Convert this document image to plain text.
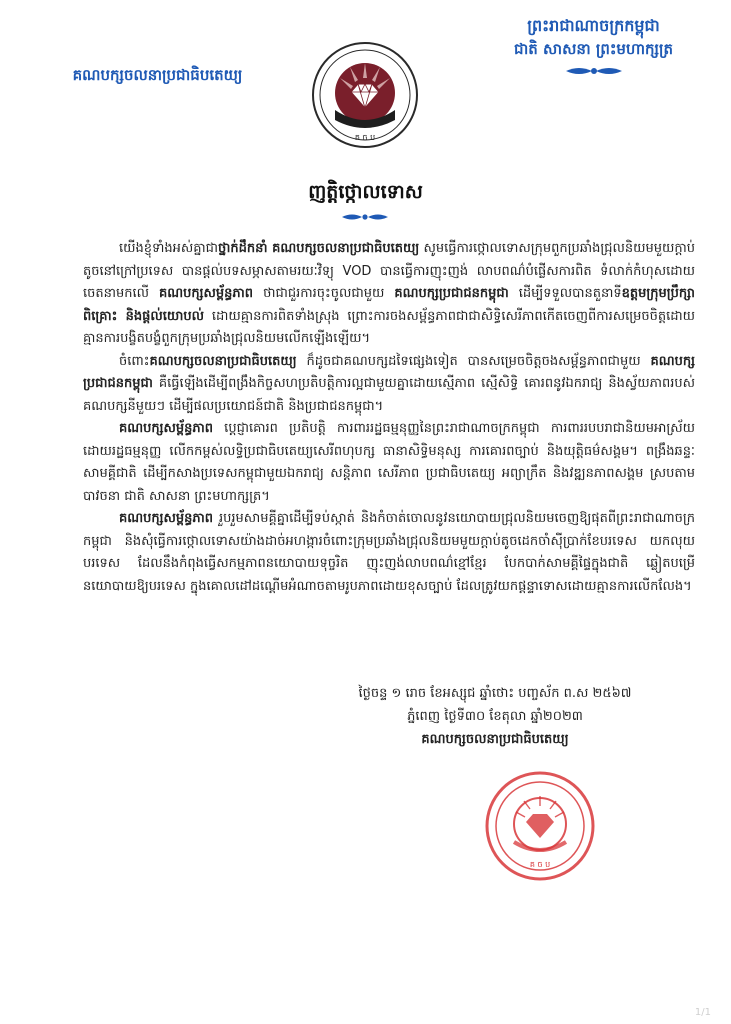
គណបក្សចលនាប្រជាធិបតេយ្យ
ព្រះរាជាណាចក្រកម្ពុជា
ជាតិ សាសនា ព្រះមហាក្សត្រ
គ ច ប
ញត្តិថ្កោលទោស

យើងខ្ញុំទាំងអស់គ្នាជាថ្នាក់ដឹកនាំ គណបក្សចលនាប្រជាធិបតេយ្យ សូមធ្វើការថ្កោលទោសក្រុមពួកប្រឆាំងជ្រុលនិយមមួយក្តាប់តូចនៅក្រៅប្រទេស បានផ្តល់បទសម្ភាសតាមរយៈវិទ្យុ VOD បានធ្វើការញុះញង់ លាបពណ៌បំផ្លើសការពិត ទំលាក់កំហុសដោយចេតនាមកលើ គណបក្សសម្ព័ន្ធភាព ថាជាជួរការចុះចូលជាមួយ គណបក្សប្រជាជនកម្ពុជា ដើម្បីទទួលបានតួនាទីឧត្តមក្រុមប្រឹក្សាពិគ្រោះ និងផ្តល់យោបល់ ដោយគ្មានការពិតទាំងស្រុង ព្រោះការចងសម្ព័ន្ធភាពជាជាសិទ្ធិសេរីភាពកើតចេញពីការសម្រេចចិត្តដោយគ្មានការបង្ខិតបង្ខំពួកក្រុមប្រឆាំងជ្រុលនិយមលើកឡើងឡើយ។

ចំពោះគណបក្សចលនាប្រជាធិបតេយ្យ ក៏ដូចជាគណបក្សដទៃផ្សេងទៀត បានសម្រេចចិត្តចងសម្ព័ន្ធភាពជាមួយ គណបក្សប្រជាជនកម្ពុជា គឺធ្វើឡើងដើម្បីពង្រឹងកិច្ចសហប្រតិបត្តិការល្អជាមួយគ្នាដោយស្មើភាព ស្មើសិទ្ធិ គោរពនូវឯករាជ្យ និងស្វ័យភាពរបស់គណបក្សនីមួយៗ ដើម្បីផលប្រយោជន៍ជាតិ និងប្រជាជនកម្ពុជា។

គណបក្សសម្ព័ន្ធភាព ប្តេជ្ញាគោរព ប្រតិបត្តិ ការពាររដ្ឋធម្មនុញ្ញនៃព្រះរាជាណាចក្រកម្ពុជា ការពាររបបរាជានិយមអាស្រ័យដោយរដ្ឋធម្មនុញ្ញ លើកកម្ពស់លទ្ធិប្រជាធិបតេយ្យសេរីពហុបក្ស ធានាសិទ្ធិមនុស្ស ការគោរពច្បាប់ និងយុត្តិធម៌សង្គម។ ពង្រឹងឆន្ទៈសាមគ្គីជាតិ ដើម្បីកសាងប្រទេសកម្ពុជាមួយឯករាជ្យ សន្តិភាព សេរីភាព ប្រជាធិបតេយ្យ អព្យាក្រឹត និងវឌ្ឍនភាពសង្គម ស្របតាមបាវចនា ជាតិ សាសនា ព្រះមហាក្សត្រ។

គណបក្សសម្ព័ន្ធភាព រួបរួមសាមគ្គីគ្នាដើម្បីទប់ស្កាត់ និងកំចាត់ចោលនូវនយោបាយជ្រុលនិយមចេញឱ្យផុតពីព្រះរាជាណាចក្រកម្ពុជា និងសុំធ្វើការថ្កោលទោសយ៉ាងដាច់អហង្ការចំពោះក្រុមប្រឆាំងជ្រុលនិយមមួយក្តាប់តូចដេកចាំស៊ីប្រាក់ខែបរទេស យកលុយបរទេស ដែលនឹងកំពុងធ្វើសកម្មភាពនយោបាយទុច្ចរិត ញុះញង់លាបពណ៌ខ្មៅខ្មែរ បែកបាក់សាមគ្គីផ្ទៃក្នុងជាតិ ឆ្លៀតបម្រើនយោបាយឱ្យបរទេស ក្នុងគោលដៅដណ្តើមអំណាចតាមរូបភាពដោយខុសច្បាប់ ដែលត្រូវយកផ្ដន្ទាទោសដោយគ្មានការលើកលែង។

ថ្ងៃចន្ទ ១ រោច ខែអស្សុជ ឆ្នាំថោះ បញ្ចស័ក ព.ស ២៥៦៧
ភ្នំពេញ ថ្ងៃទី៣០ ខែតុលា ឆ្នាំ២០២៣
គណបក្សចលនាប្រជាធិបតេយ្យ
គ ច ប
1/1
